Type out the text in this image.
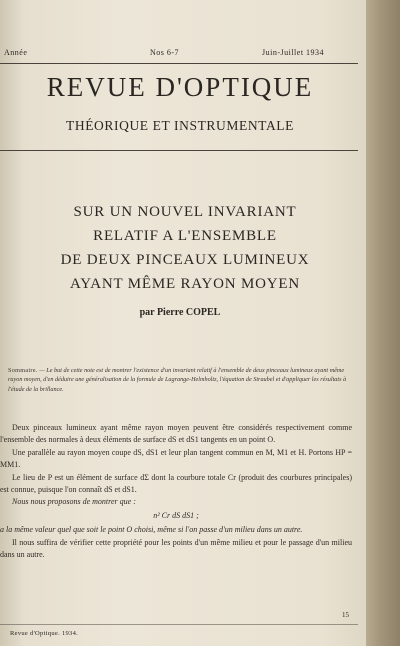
Année	Nos 6-7	Juin-Juillet 1934
REVUE D'OPTIQUE
THÉORIQUE ET INSTRUMENTALE
SUR UN NOUVEL INVARIANT
RELATIF A L'ENSEMBLE
DE DEUX PINCEAUX LUMINEUX
AYANT MÊME RAYON MOYEN
par Pierre COPEL
Sommaire. — Le but de cette note est de montrer l'existence d'un invariant relatif à l'ensemble de deux pinceaux lumineux ayant même rayon moyen, d'en déduire une généralisation de la formule de Lagrange-Helmholtz, l'équation de Straubel et d'appliquer les résultats à l'étude de la brillance.

Deux pinceaux lumineux ayant même rayon moyen peuvent être considérés respectivement comme l'ensemble des normales à deux éléments de surface dS et dS1 tangents en un point O.

Une parallèle au rayon moyen coupe dS, dS1 et leur plan tangent commun en M, M1 et H. Portons HP = MM1.

Le lieu de P est un élément de surface dΣ dont la courbure totale Cr (produit des courbures principales) est connue, puisque l'on connaît dS et dS1.

Nous nous proposons de montrer que :

n² Cr dS dS1 ;

a la même valeur quel que soit le point O choisi, même si l'on passe d'un milieu dans un autre.

Il nous suffira de vérifier cette propriété pour les points d'un même milieu et pour le passage d'un milieu dans un autre.

Revue d'Optique. 1934.
15
